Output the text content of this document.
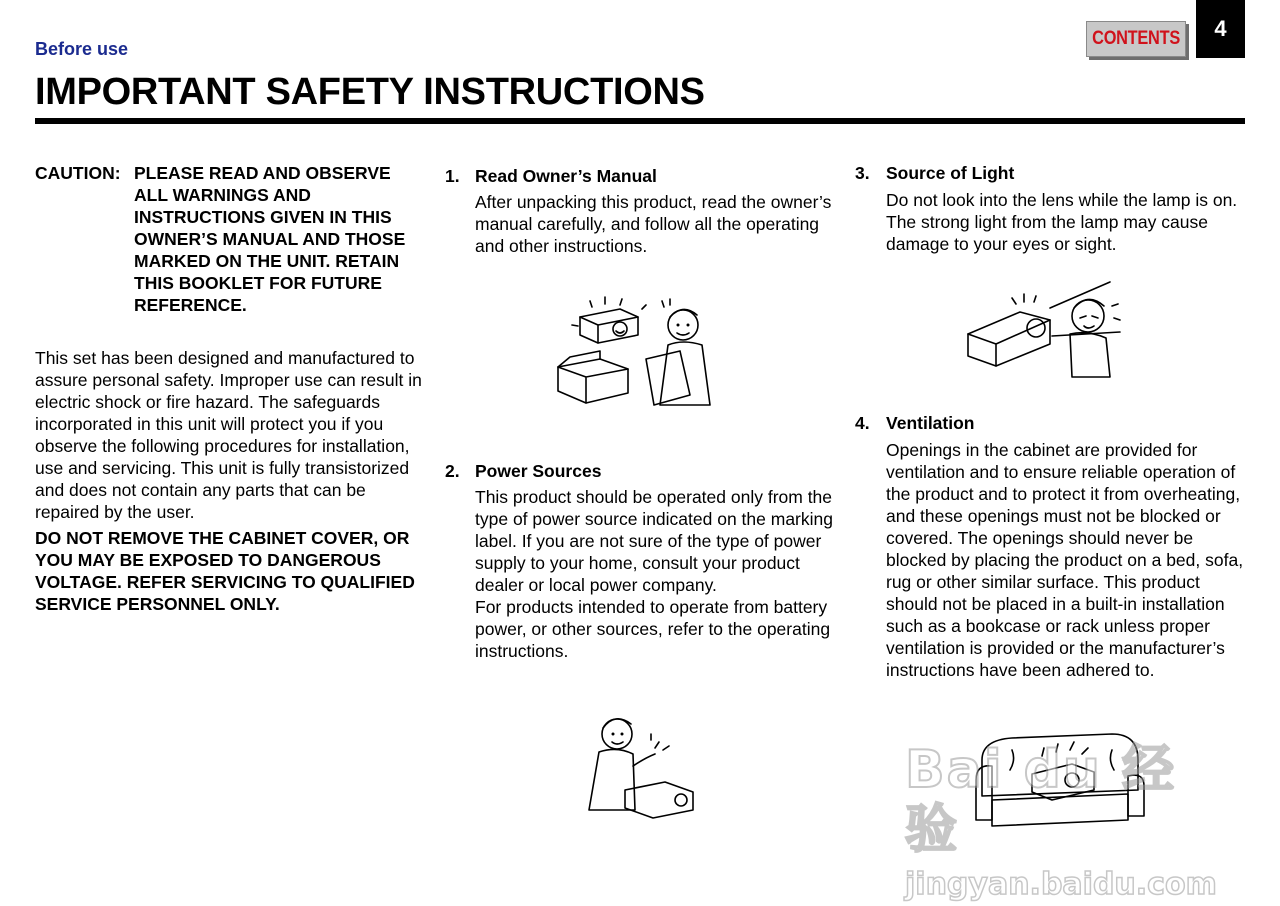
Before use
IMPORTANT SAFETY INSTRUCTIONS
CONTENTS	4
CAUTION: PLEASE READ AND OBSERVE ALL WARNINGS AND INSTRUCTIONS GIVEN IN THIS OWNER’S MANUAL AND THOSE MARKED ON THE UNIT. RETAIN THIS BOOKLET FOR FUTURE REFERENCE.
This set has been designed and manufactured to assure personal safety. Improper use can result in electric shock or fire hazard. The safeguards incorporated in this unit will protect you if you observe the following procedures for installation, use and servicing. This unit is fully transistorized and does not contain any parts that can be repaired by the user.
DO NOT REMOVE THE CABINET COVER, OR YOU MAY BE EXPOSED TO DANGEROUS VOLTAGE. REFER SERVICING TO QUALIFIED SERVICE PERSONNEL ONLY.
1. Read Owner’s Manual
After unpacking this product, read the owner’s manual carefully, and follow all the operating and other instructions.
2. Power Sources
This product should be operated only from the type of power source indicated on the marking label. If you are not sure of the type of power supply to your home, consult your product dealer or local power company.
For products intended to operate from battery power, or other sources, refer to the operating instructions.
3. Source of Light
Do not look into the lens while the lamp is on. The strong light from the lamp may cause damage to your eyes or sight.
4. Ventilation
Openings in the cabinet are provided for ventilation and to ensure reliable operation of the product and to protect it from overheating, and these openings must not be blocked or covered. The openings should never be blocked by placing the product on a bed, sofa, rug or other similar surface. This product should not be placed in a built-in installation such as a bookcase or rack unless proper ventilation is provided or the manufacturer’s instructions have been adhered to.
Bai du 经验
jingyan.baidu.com
